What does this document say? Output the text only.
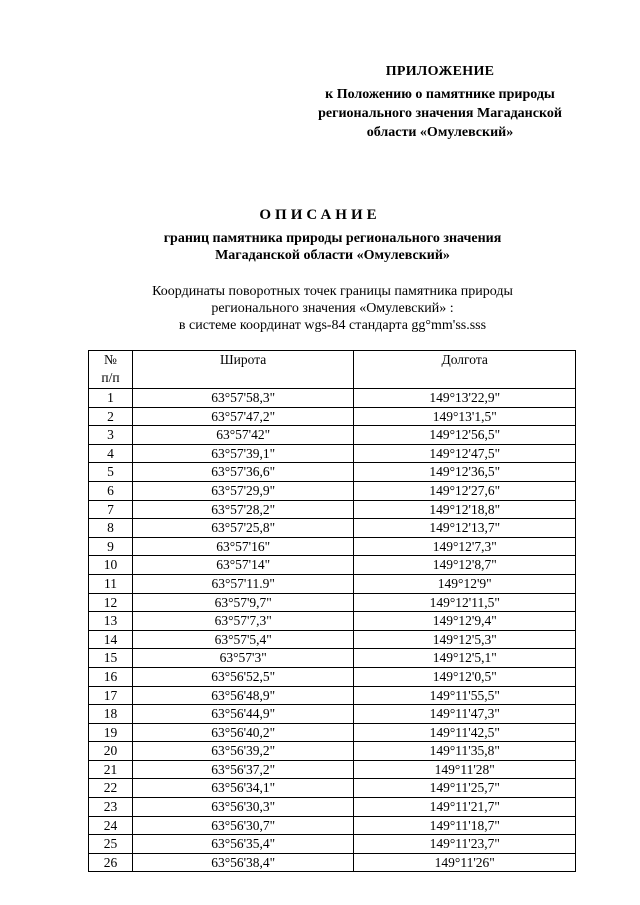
ПРИЛОЖЕНИЕ
к Положению о памятнике природы
регионального значения Магаданской
области «Омулевский»
ОПИСАНИЕ
границ памятника природы регионального значения
Магаданской области «Омулевский»
Координаты поворотных точек границы памятника природы
регионального значения «Омулевский» :
в системе координат wgs-84 стандарта gg°mm'ss.sss
№
п/п	Широта	Долгота
1	63°57'58,3"	149°13'22,9"
2	63°57'47,2"	149°13'1,5"
3	63°57'42"	149°12'56,5"
4	63°57'39,1"	149°12'47,5"
5	63°57'36,6"	149°12'36,5"
6	63°57'29,9"	149°12'27,6"
7	63°57'28,2"	149°12'18,8"
8	63°57'25,8"	149°12'13,7"
9	63°57'16"	149°12'7,3"
10	63°57'14"	149°12'8,7"
11	63°57'11.9"	149°12'9"
12	63°57'9,7"	149°12'11,5"
13	63°57'7,3"	149°12'9,4"
14	63°57'5,4"	149°12'5,3"
15	63°57'3"	149°12'5,1"
16	63°56'52,5"	149°12'0,5"
17	63°56'48,9"	149°11'55,5"
18	63°56'44,9"	149°11'47,3"
19	63°56'40,2"	149°11'42,5"
20	63°56'39,2"	149°11'35,8"
21	63°56'37,2"	149°11'28"
22	63°56'34,1"	149°11'25,7"
23	63°56'30,3"	149°11'21,7"
24	63°56'30,7"	149°11'18,7"
25	63°56'35,4"	149°11'23,7"
26	63°56'38,4"	149°11'26"
